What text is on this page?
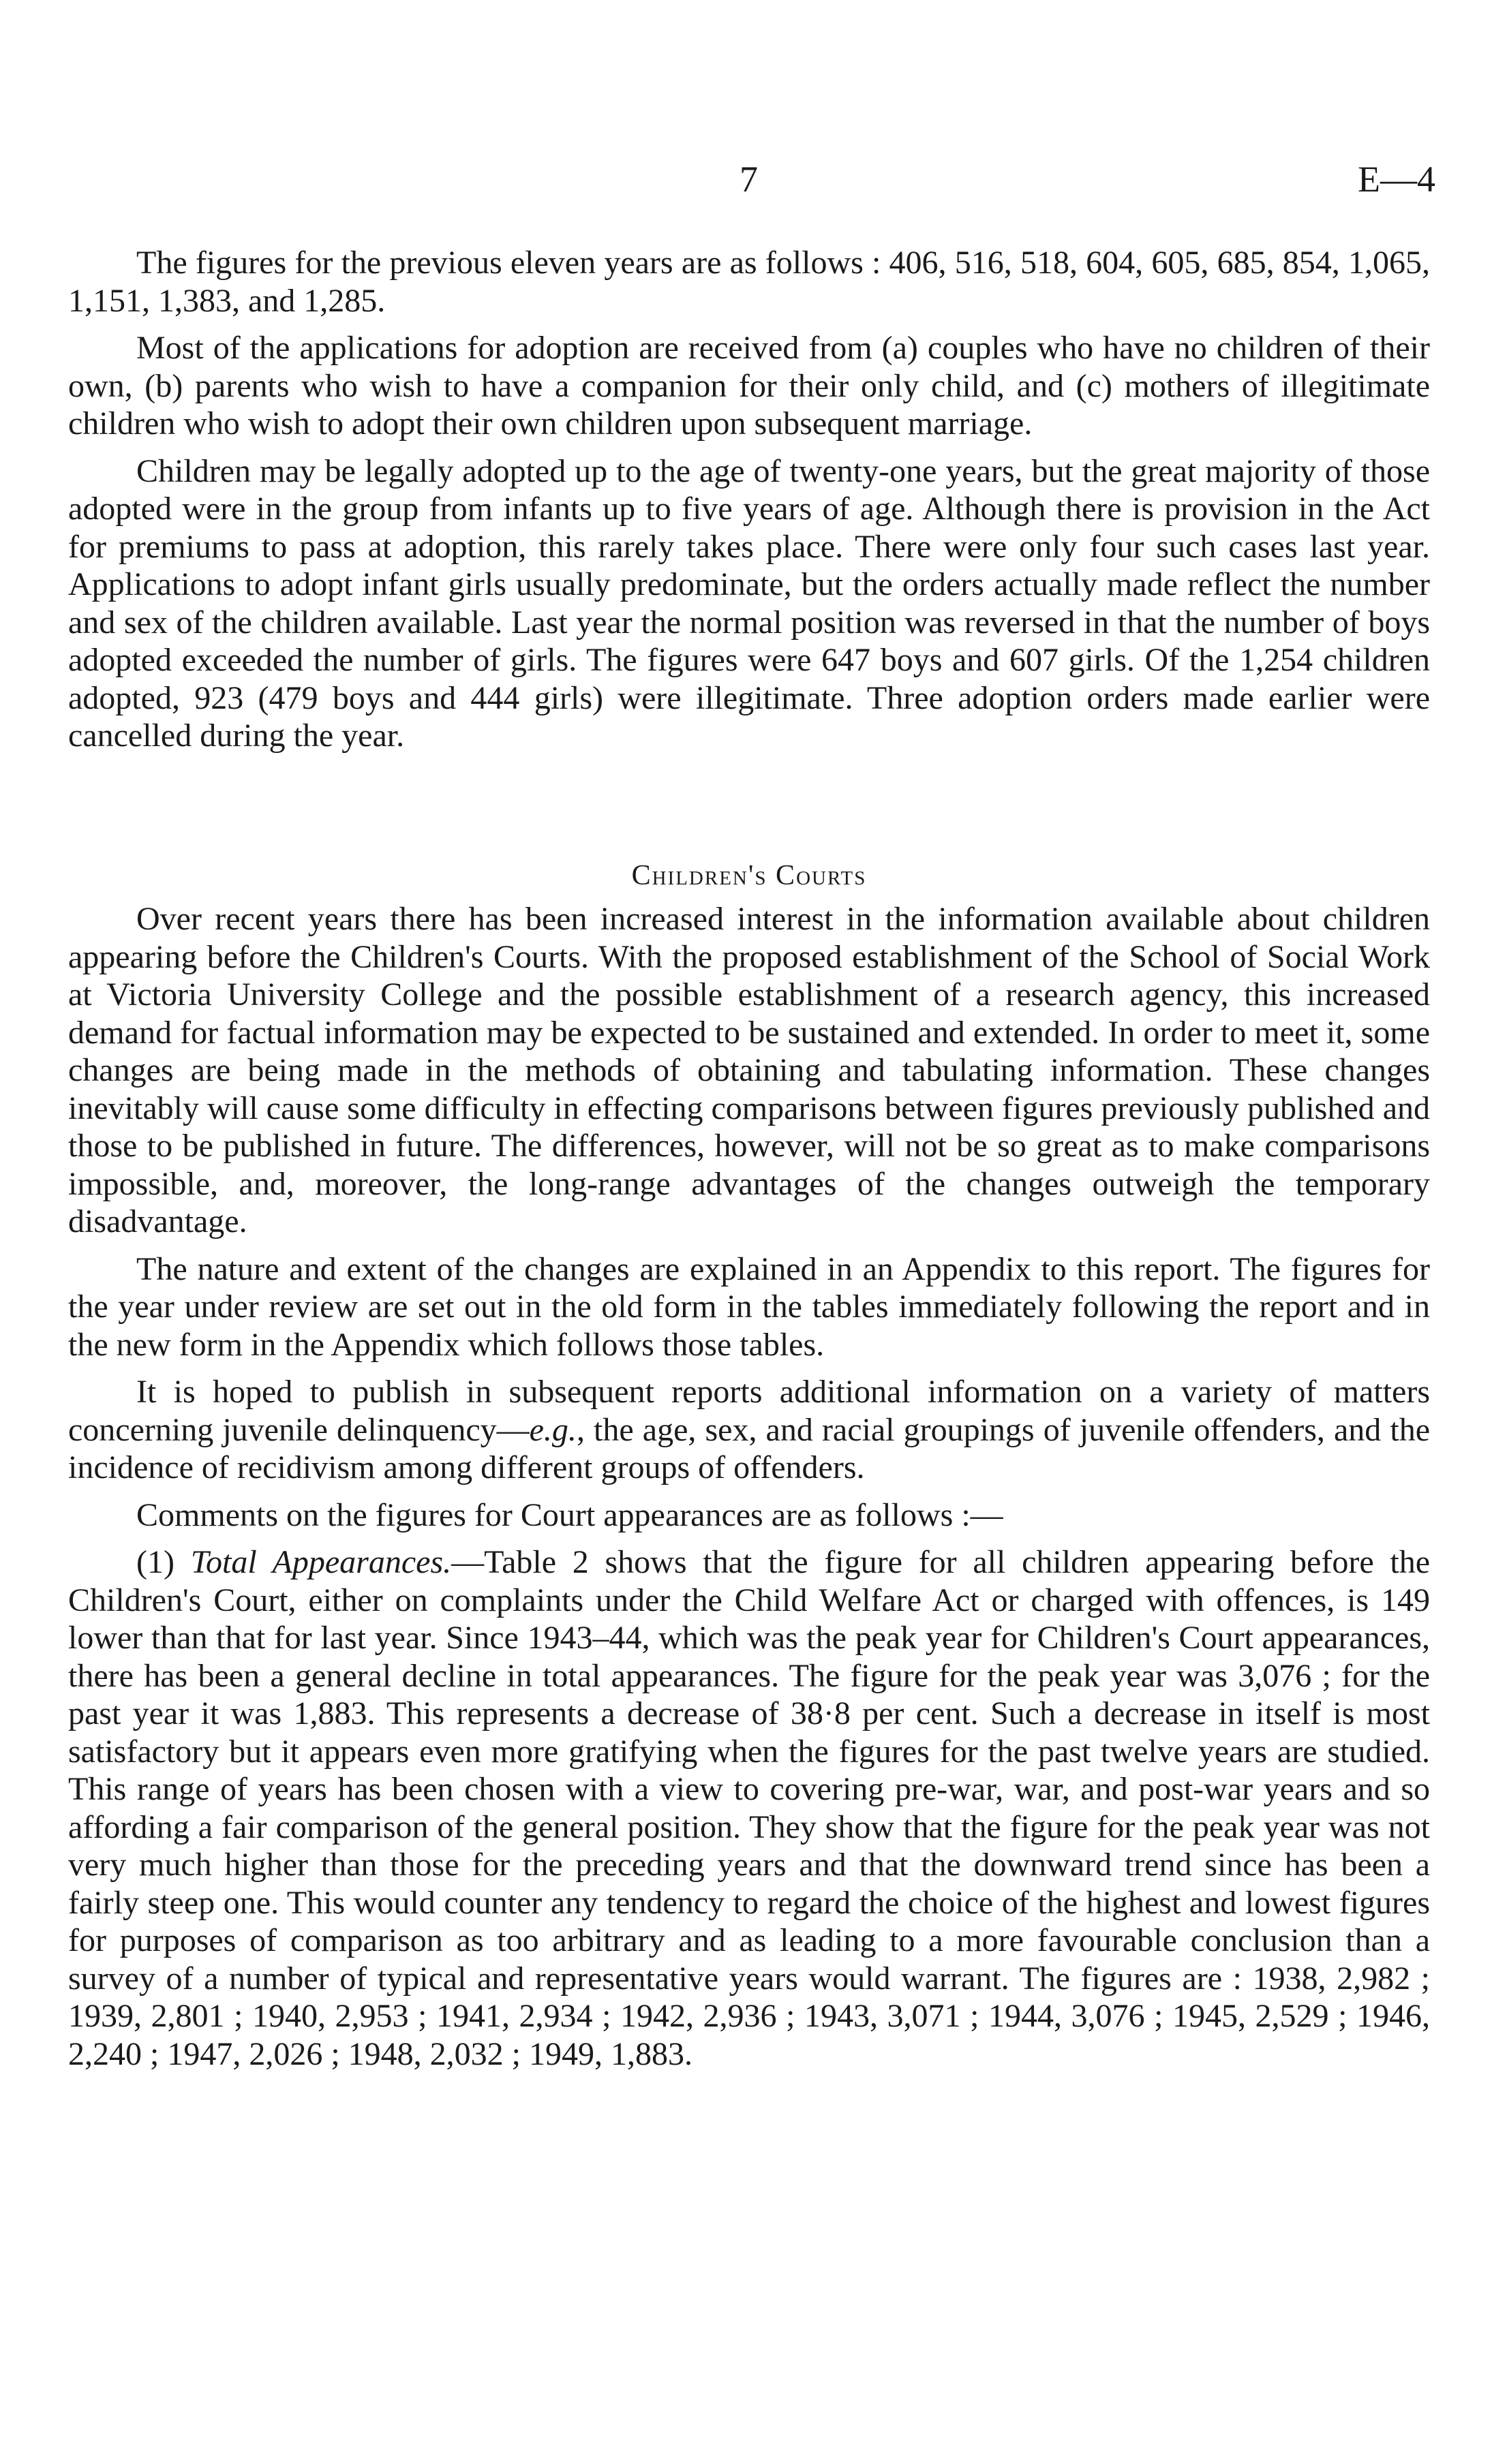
7	E—4

The figures for the previous eleven years are as follows : 406, 516, 518, 604, 605, 685, 854, 1,065, 1,151, 1,383, and 1,285.

Most of the applications for adoption are received from (a) couples who have no children of their own, (b) parents who wish to have a companion for their only child, and (c) mothers of illegitimate children who wish to adopt their own children upon subsequent marriage.

Children may be legally adopted up to the age of twenty-one years, but the great majority of those adopted were in the group from infants up to five years of age. Although there is provision in the Act for premiums to pass at adoption, this rarely takes place. There were only four such cases last year. Applications to adopt infant girls usually predominate, but the orders actually made reflect the number and sex of the children available. Last year the normal position was reversed in that the number of boys adopted exceeded the number of girls. The figures were 647 boys and 607 girls. Of the 1,254 children adopted, 923 (479 boys and 444 girls) were illegitimate. Three adoption orders made earlier were cancelled during the year.

Children's Courts

Over recent years there has been increased interest in the information available about children appearing before the Children's Courts. With the proposed establishment of the School of Social Work at Victoria University College and the possible establishment of a research agency, this increased demand for factual information may be expected to be sustained and extended. In order to meet it, some changes are being made in the methods of obtaining and tabulating information. These changes inevitably will cause some difficulty in effecting comparisons between figures previously published and those to be published in future. The differences, however, will not be so great as to make comparisons impossible, and, moreover, the long-range advantages of the changes outweigh the temporary disadvantage.

The nature and extent of the changes are explained in an Appendix to this report. The figures for the year under review are set out in the old form in the tables immediately following the report and in the new form in the Appendix which follows those tables.

It is hoped to publish in subsequent reports additional information on a variety of matters concerning juvenile delinquency—e.g., the age, sex, and racial groupings of juvenile offenders, and the incidence of recidivism among different groups of offenders.

Comments on the figures for Court appearances are as follows :—

(1) Total Appearances.—Table 2 shows that the figure for all children appearing before the Children's Court, either on complaints under the Child Welfare Act or charged with offences, is 149 lower than that for last year. Since 1943–44, which was the peak year for Children's Court appearances, there has been a general decline in total appearances. The figure for the peak year was 3,076 ; for the past year it was 1,883. This represents a decrease of 38·8 per cent. Such a decrease in itself is most satisfactory but it appears even more gratifying when the figures for the past twelve years are studied. This range of years has been chosen with a view to covering pre-war, war, and post-war years and so affording a fair comparison of the general position. They show that the figure for the peak year was not very much higher than those for the preceding years and that the downward trend since has been a fairly steep one. This would counter any tendency to regard the choice of the highest and lowest figures for purposes of comparison as too arbitrary and as leading to a more favourable conclusion than a survey of a number of typical and representative years would warrant. The figures are : 1938, 2,982 ; 1939, 2,801 ; 1940, 2,953 ; 1941, 2,934 ; 1942, 2,936 ; 1943, 3,071 ; 1944, 3,076 ; 1945, 2,529 ; 1946, 2,240 ; 1947, 2,026 ; 1948, 2,032 ; 1949, 1,883.
